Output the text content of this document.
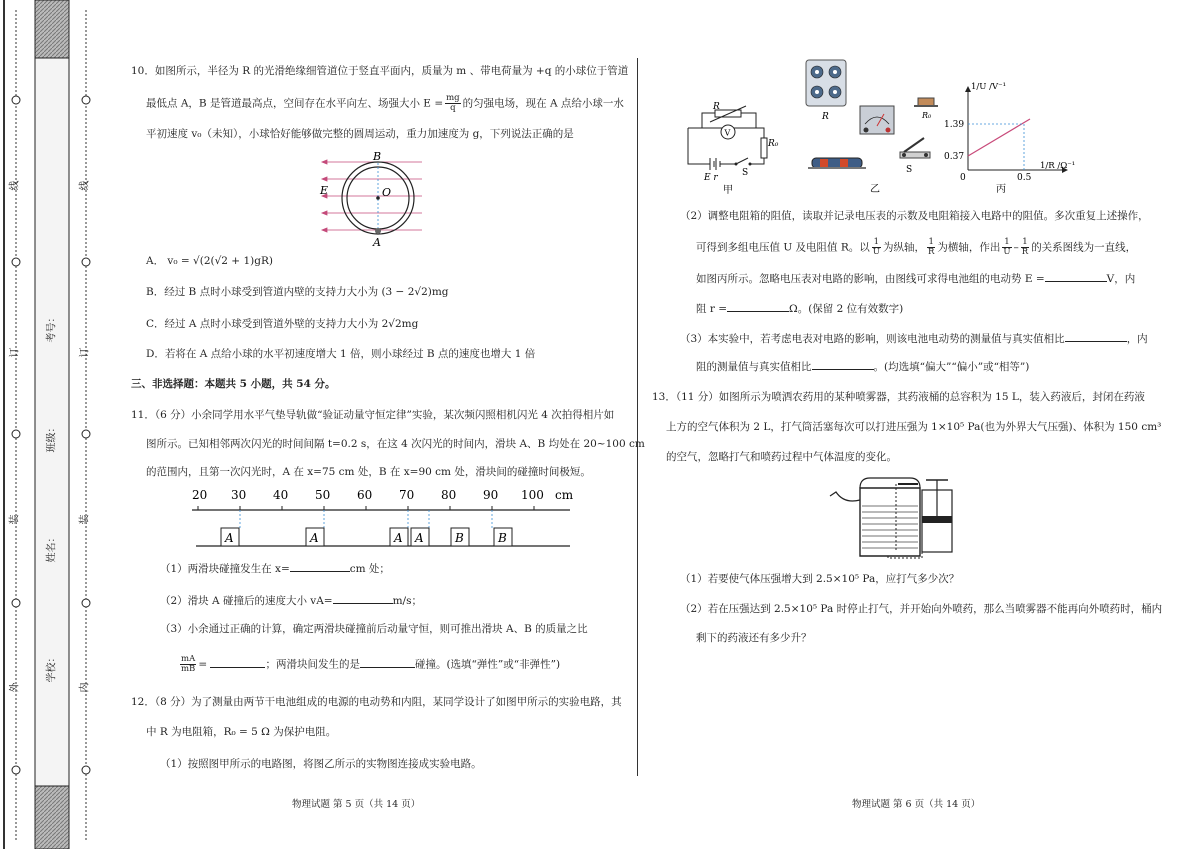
外
装
订
线
内
装
订
线
学校：
姓名：
班级：
考号：
10．如图所示，半径为 R 的光滑绝缘细管道位于竖直平面内，质量为 m 、带电荷量为 +q 的小球位于管道
最低点 A，B 是管道最高点，空间存在水平向左、场强大小 $E = \frac{mg}{q}$ 的匀强电场，现在 A 点给小球一水
平初速度 v₀（未知），小球恰好能够做完整的圆周运动，重力加速度为 g，下列说法正确的是
B
E	O
A
A． v₀ = √(2(√2 + 1)gR)
B．经过 B 点时小球受到管道内壁的支持力大小为 (3 − 2√2)mg
C．经过 A 点时小球受到管道外壁的支持力大小为 2√2mg
D．若将在 A 点给小球的水平初速度增大 1 倍，则小球经过 B 点的速度也增大 1 倍
三、非选择题：本题共 5 小题，共 54 分。
11．（6 分）小余同学用水平气垫导轨做“验证动量守恒定律”实验，某次频闪照相机闪光 4 次拍得相片如
图所示。已知相邻两次闪光的时间间隔 t=0.2 s，在这 4 次闪光的时间内，滑块 A、B 均处在 20~100 cm
的范围内，且第一次闪光时，A 在 x=75 cm 处，B 在 x=90 cm 处，滑块间的碰撞时间极短。
20 30 40 50 60 70 80 90 100 cm
A	A	A A	B	B
（1）两滑块碰撞发生在 x=	cm 处；
（2）滑块 A 碰撞后的速度大小 vA=	m/s；
（3）小余通过正确的计算，确定两滑块碰撞前后动量守恒，则可推出滑块 A、B 的质量之比
$\frac{mA}{mB}$ =	；两滑块间发生的是	碰撞。(选填“弹性”或“非弹性”)
12．（8 分）为了测量由两节干电池组成的电源的电动势和内阻，某同学设计了如图甲所示的实验电路，其
中 R 为电阻箱，R₀ = 5 Ω 为保护电阻。
（1）按照图甲所示的电路图，将图乙所示的实物图连接成实验电路。
物理试题 第 5 页（共 14 页）
R
V
R₀
E r	S
甲
R	R₀
S
乙
1/U /V⁻¹
1/R /Ω⁻¹
1.39
0.37
0.5
0
丙
（2）调整电阻箱的阻值，读取并记录电压表的示数及电阻箱接入电路中的阻值。多次重复上述操作，
可得到多组电压值 U 及电阻值 R。以 $\frac{1}{U}$ 为纵轴， $\frac{1}{R}$ 为横轴，作出 $\frac{1}{U} - \frac{1}{R}$ 的关系图线为一直线，
如图丙所示。忽略电压表对电路的影响，由图线可求得电池组的电动势 E =	V，内
阻 r =	Ω。(保留 2 位有效数字)
（3）本实验中，若考虑电表对电路的影响，则该电池电动势的测量值与真实值相比	，内
阻的测量值与真实值相比	。(均选填“偏大”“偏小”或“相等”)
13．（11 分）如图所示为喷洒农药用的某种喷雾器，其药液桶的总容积为 15 L，装入药液后，封闭在药液
上方的空气体积为 2 L，打气筒活塞每次可以打进压强为 1×10⁵ Pa(也为外界大气压强)、体积为 150 cm³
的空气，忽略打气和喷药过程中气体温度的变化。
（1）若要使气体压强增大到 2.5×10⁵ Pa，应打气多少次？
（2）若在压强达到 2.5×10⁵ Pa 时停止打气，并开始向外喷药，那么当喷雾器不能再向外喷药时，桶内
剩下的药液还有多少升？
物理试题 第 6 页（共 14 页）
